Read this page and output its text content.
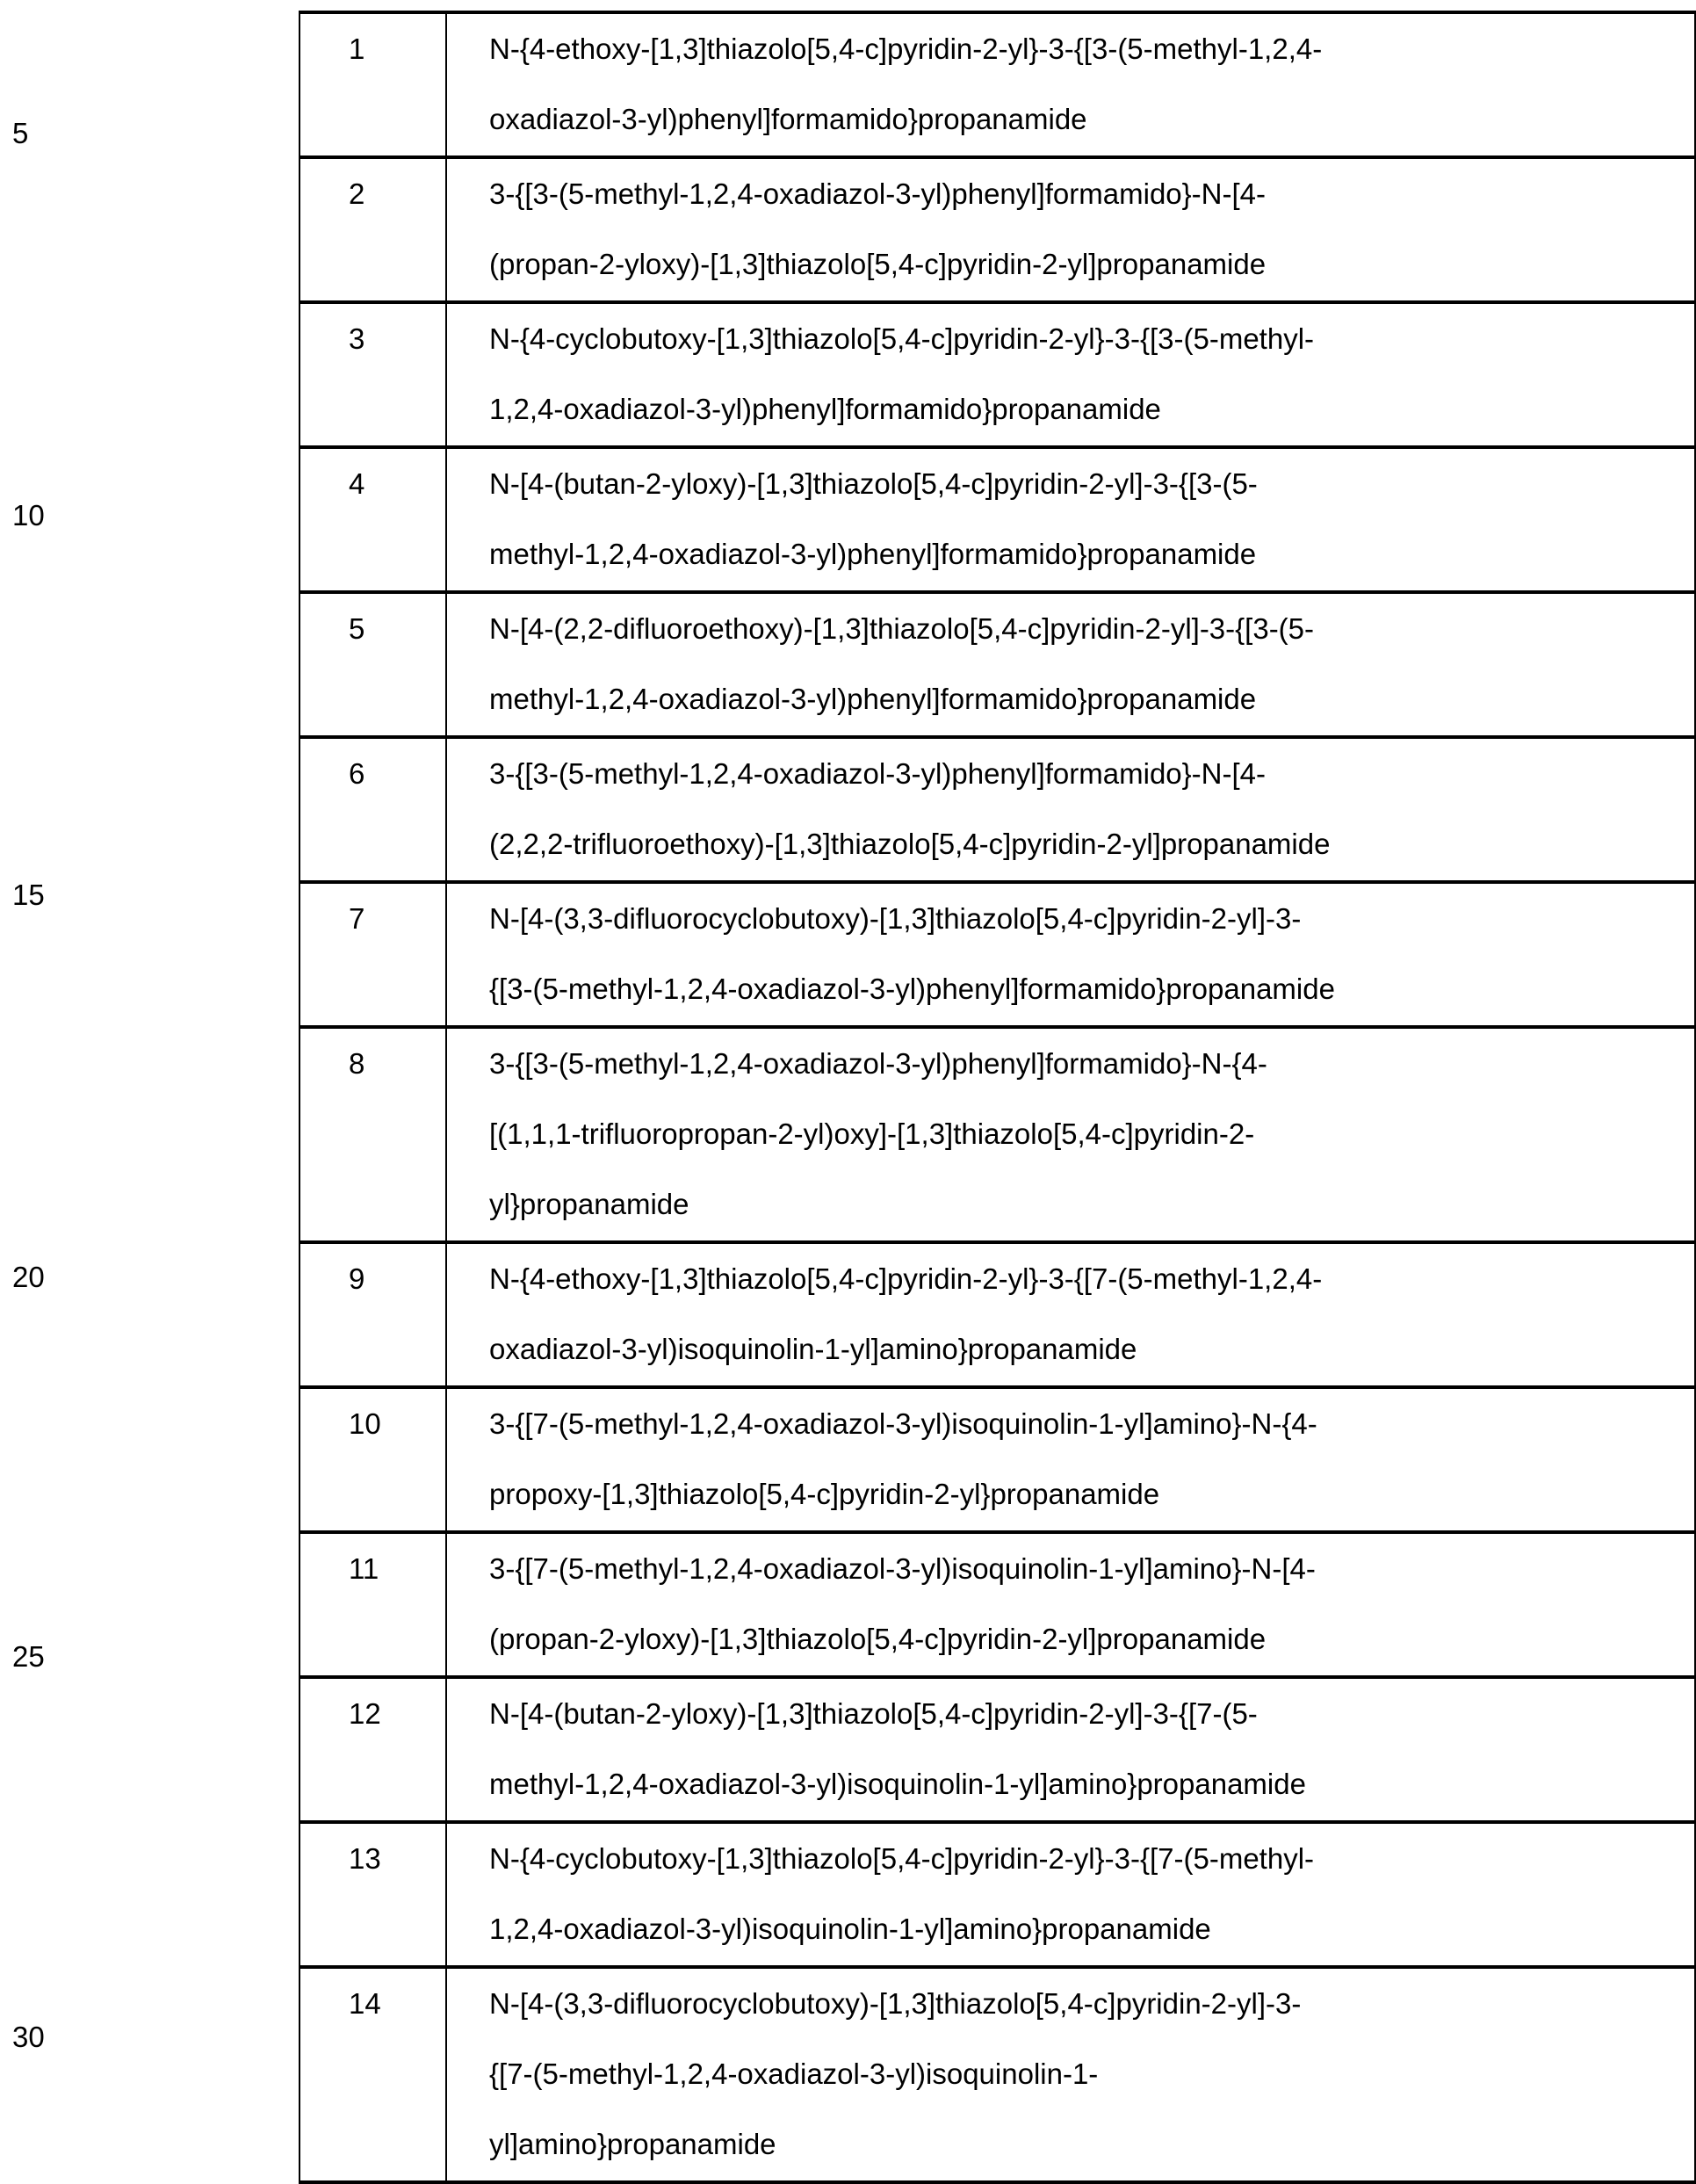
5
10
15
20
25
30
1	N-{4-ethoxy-[1,3]thiazolo[5,4-c]pyridin-2-yl}-3-{[3-(5-methyl-1,2,4-
oxadiazol-3-yl)phenyl]formamido}propanamide

2	3-{[3-(5-methyl-1,2,4-oxadiazol-3-yl)phenyl]formamido}-N-[4-
(propan-2-yloxy)-[1,3]thiazolo[5,4-c]pyridin-2-yl]propanamide

3	N-{4-cyclobutoxy-[1,3]thiazolo[5,4-c]pyridin-2-yl}-3-{[3-(5-methyl-
1,2,4-oxadiazol-3-yl)phenyl]formamido}propanamide

4	N-[4-(butan-2-yloxy)-[1,3]thiazolo[5,4-c]pyridin-2-yl]-3-{[3-(5-
methyl-1,2,4-oxadiazol-3-yl)phenyl]formamido}propanamide

5	N-[4-(2,2-difluoroethoxy)-[1,3]thiazolo[5,4-c]pyridin-2-yl]-3-{[3-(5-
methyl-1,2,4-oxadiazol-3-yl)phenyl]formamido}propanamide

6	3-{[3-(5-methyl-1,2,4-oxadiazol-3-yl)phenyl]formamido}-N-[4-
(2,2,2-trifluoroethoxy)-[1,3]thiazolo[5,4-c]pyridin-2-yl]propanamide

7	N-[4-(3,3-difluorocyclobutoxy)-[1,3]thiazolo[5,4-c]pyridin-2-yl]-3-
{[3-(5-methyl-1,2,4-oxadiazol-3-yl)phenyl]formamido}propanamide

8	3-{[3-(5-methyl-1,2,4-oxadiazol-3-yl)phenyl]formamido}-N-{4-
[(1,1,1-trifluoropropan-2-yl)oxy]-[1,3]thiazolo[5,4-c]pyridin-2-
yl}propanamide

9	N-{4-ethoxy-[1,3]thiazolo[5,4-c]pyridin-2-yl}-3-{[7-(5-methyl-1,2,4-
oxadiazol-3-yl)isoquinolin-1-yl]amino}propanamide

10	3-{[7-(5-methyl-1,2,4-oxadiazol-3-yl)isoquinolin-1-yl]amino}-N-{4-
propoxy-[1,3]thiazolo[5,4-c]pyridin-2-yl}propanamide

11	3-{[7-(5-methyl-1,2,4-oxadiazol-3-yl)isoquinolin-1-yl]amino}-N-[4-
(propan-2-yloxy)-[1,3]thiazolo[5,4-c]pyridin-2-yl]propanamide

12	N-[4-(butan-2-yloxy)-[1,3]thiazolo[5,4-c]pyridin-2-yl]-3-{[7-(5-
methyl-1,2,4-oxadiazol-3-yl)isoquinolin-1-yl]amino}propanamide

13	N-{4-cyclobutoxy-[1,3]thiazolo[5,4-c]pyridin-2-yl}-3-{[7-(5-methyl-
1,2,4-oxadiazol-3-yl)isoquinolin-1-yl]amino}propanamide

14	N-[4-(3,3-difluorocyclobutoxy)-[1,3]thiazolo[5,4-c]pyridin-2-yl]-3-
{[7-(5-methyl-1,2,4-oxadiazol-3-yl)isoquinolin-1-
yl]amino}propanamide
